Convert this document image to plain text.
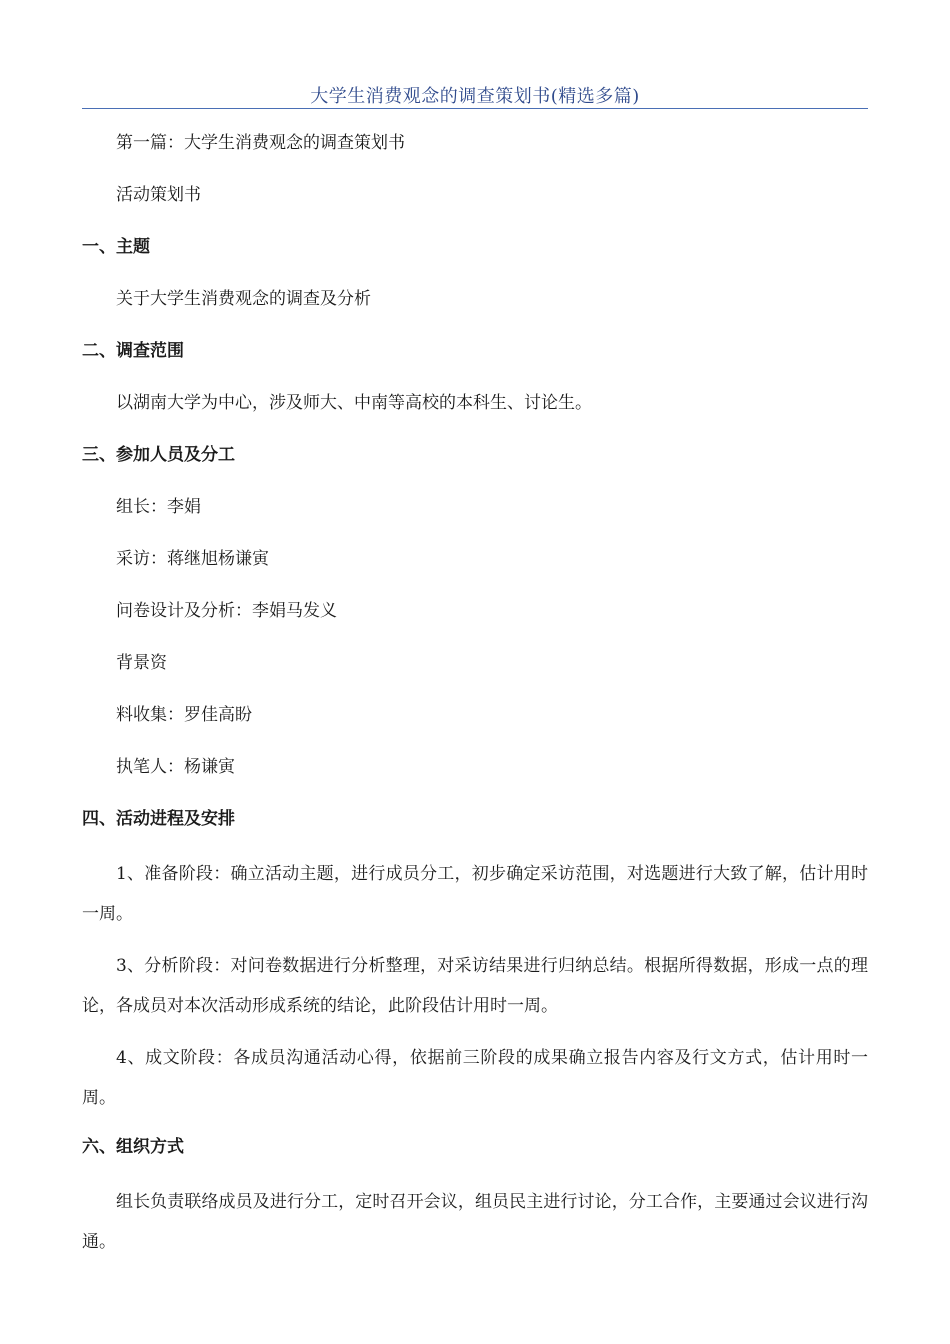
大学生消费观念的调查策划书(精选多篇)

第一篇：大学生消费观念的调查策划书

活动策划书

一、主题

关于大学生消费观念的调查及分析

二、调查范围

以湖南大学为中心，涉及师大、中南等高校的本科生、讨论生。

三、参加人员及分工

组长：李娟

采访：蒋继旭杨谦寅

问卷设计及分析：李娟马发义

背景资

料收集：罗佳高盼

执笔人：杨谦寅

四、活动进程及安排

1、准备阶段：确立活动主题，进行成员分工，初步确定采访范围，对选题进行大致了解，估计用时一周。

3、分析阶段：对问卷数据进行分析整理，对采访结果进行归纳总结。根据所得数据，形成一点的理论，各成员对本次活动形成系统的结论，此阶段估计用时一周。

4、成文阶段：各成员沟通活动心得，依据前三阶段的成果确立报告内容及行文方式，估计用时一周。

六、组织方式

组长负责联络成员及进行分工，定时召开会议，组员民主进行讨论，分工合作，主要通过会议进行沟通。
